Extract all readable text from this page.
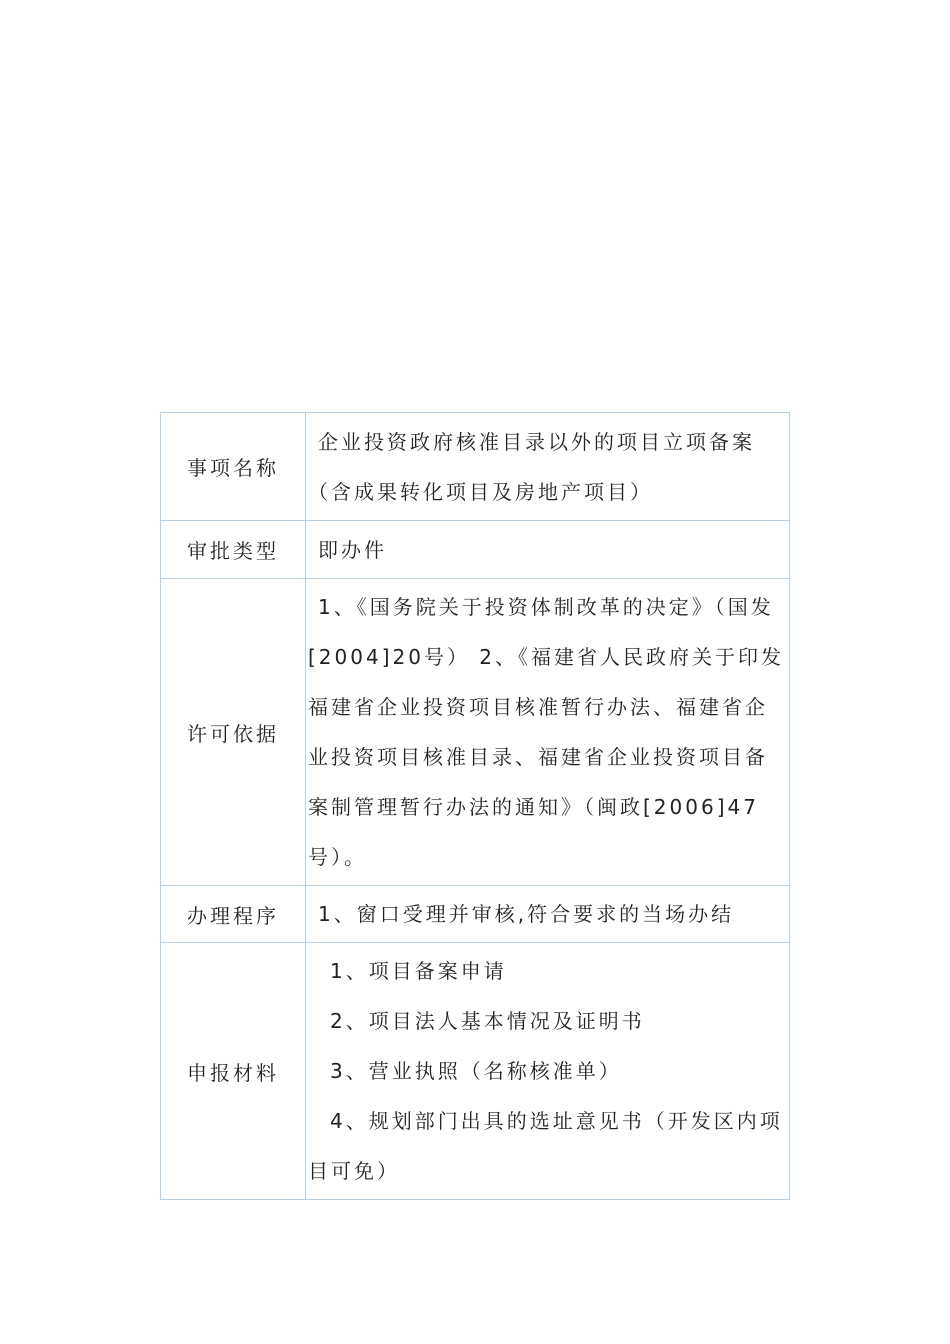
事项名称	企业投资政府核准目录以外的项目立项备案（含成果转化项目及房地产项目）

审批类型	即办件

许可依据	1、《国务院关于投资体制改革的决定》（国发[2004]20号） 2、《福建省人民政府关于印发福建省企业投资项目核准暂行办法、福建省企业投资项目核准目录、福建省企业投资项目备案制管理暂行办法的通知》（闽政[2006]47号）。

办理程序	1、窗口受理并审核,符合要求的当场办结

申报材料	1、项目备案申请

2、项目法人基本情况及证明书

3、营业执照（名称核准单）

4、规划部门出具的选址意见书（开发区内项目可免）
